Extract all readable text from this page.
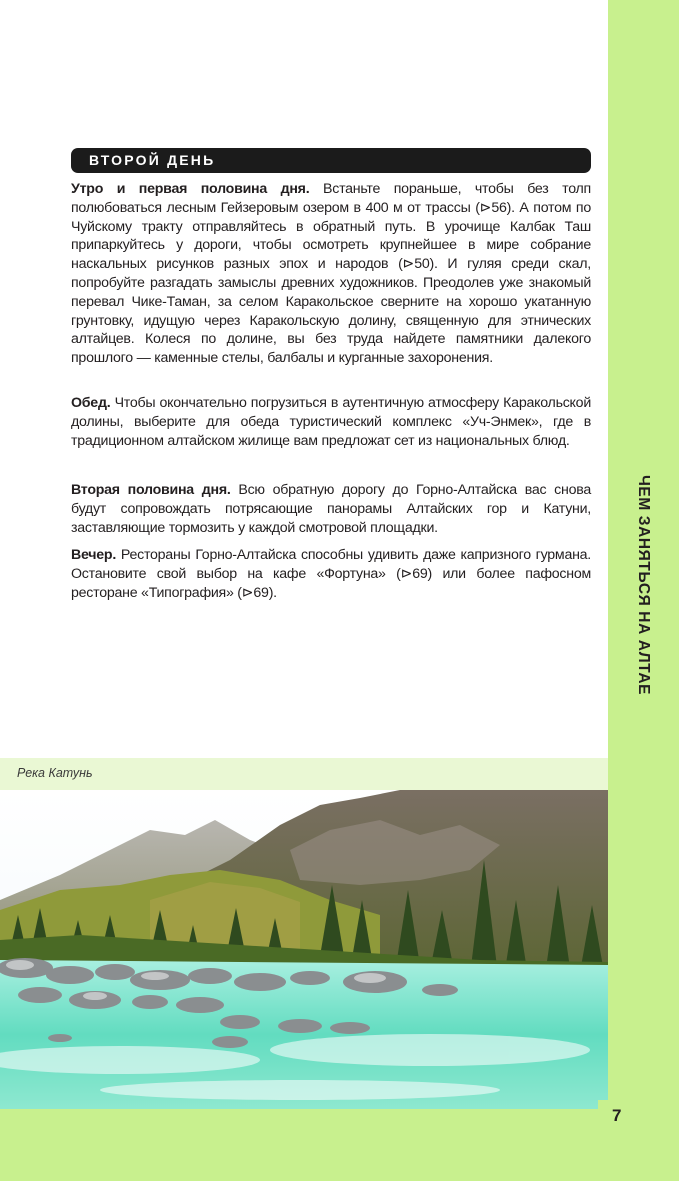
ЧЕМ ЗАНЯТЬСЯ НА АЛТАЕ
ВТОРОЙ ДЕНЬ

Утро и первая половина дня. Встаньте пораньше, чтобы без толп полюбоваться лесным Гейзеровым озером в 400 м от трассы (⊳56). А потом по Чуйскому тракту отправляйтесь в обратный путь. В урочище Калбак Таш припаркуйтесь у дороги, чтобы осмотреть крупнейшее в мире собрание наскальных рисунков разных эпох и народов (⊳50). И гуляя среди скал, попробуйте разгадать замыслы древних художников. Преодолев уже знакомый перевал Чике-Таман, за селом Каракольское сверните на хорошо укатанную грунтовку, идущую через Каракольскую долину, священную для этнических алтайцев. Колеся по долине, вы без труда найдете памятники далекого прошлого — каменные стелы, балбалы и курганные захоронения.

Обед. Чтобы окончательно погрузиться в аутентичную атмосферу Каракольской долины, выберите для обеда туристический комплекс «Уч-Энмек», где в традиционном алтайском жилище вам предложат сет из национальных блюд.

Вторая половина дня. Всю обратную дорогу до Горно-Алтайска вас снова будут сопровождать потрясающие панорамы Алтайских гор и Катуни, заставляющие тормозить у каждой смотровой площадки.

Вечер. Рестораны Горно-Алтайска способны удивить даже капризного гурмана. Остановите свой выбор на кафе «Фортуна» (⊳69) или более пафосном ресторане «Типография» (⊳69).

Река Катунь
7
